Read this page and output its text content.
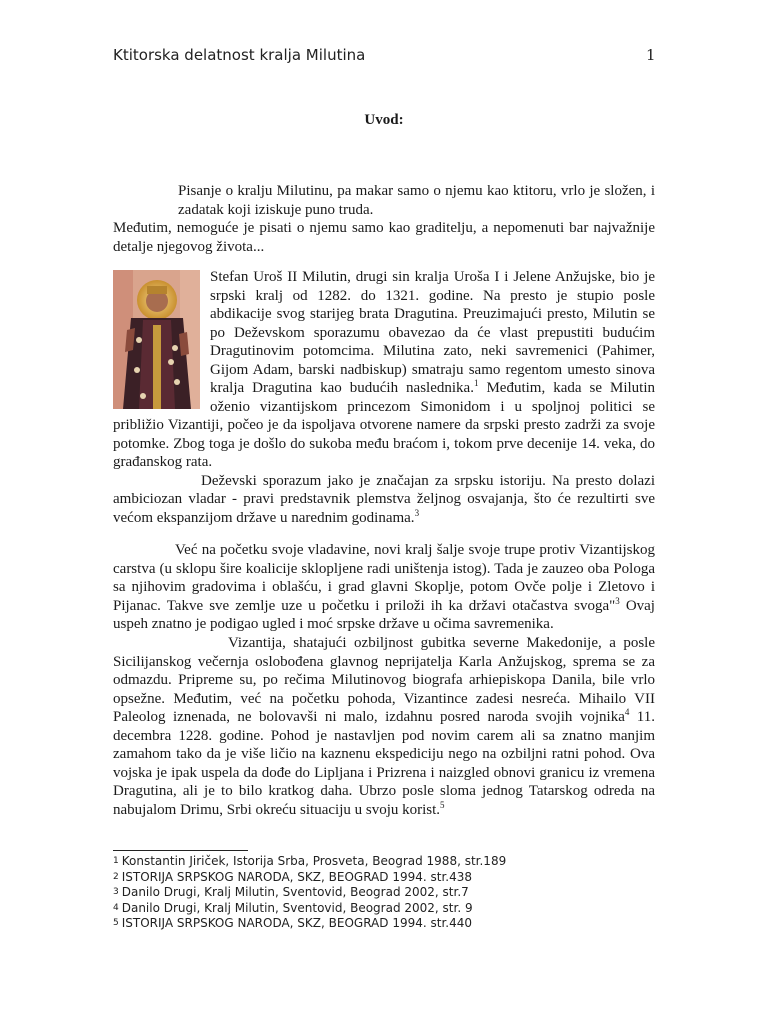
Ktitorska delatnost kralja Milutina	1
Uvod:
Pisanje o kralju Milutinu, pa makar samo o njemu kao ktitoru, vrlo je složen, i zadatak koji iziskuje puno truda.
Međutim, nemoguće je pisati o njemu samo kao graditelju, a nepomenuti bar najvažnije detalje njegovog života...
Stefan Uroš II Milutin, drugi sin kralja Uroša I i Jelene Anžujske, bio je srpski kralj od 1282. do 1321. godine. Na presto je stupio posle abdikacije svog starijeg brata Dragutina. Preuzimajući presto, Milutin se po Deževskom sporazumu obavezao da će vlast prepustiti budućim Dragutinovim potomcima. Milutina zato, neki savremenici (Pahimer, Gijom Adam, barski nadbiskup) smatraju samo regentom umesto sinova kralja Dragutina kao budućih naslednika.$^1$ Međutim, kada se Milutin oženio vizantijskom princezom Simonidom i u spoljnoj politici se približio Vizantiji, počeo je da ispoljava otvorene namere da srpski presto zadrži za svoje potomke. Zbog toga je došlo do sukoba među braćom i, tokom prve decenije 14. veka, do građanskog rata.

Deževski sporazum jako je značajan za srpsku istoriju. Na presto dolazi ambiciozan vladar - pravi predstavnik plemstva željnog osvajanja, što će rezultirti sve većom ekspanzijom države u narednim godinama.$^3$

Već na početku svoje vladavine, novi kralj šalje svoje trupe protiv Vizantijskog carstva (u sklopu šire koalicije sklopljene radi uništenja istog). Tada je zauzeo oba Pologa sa njihovim gradovima i oblašću, i grad glavni Skoplje, potom Ovče polje i Zletovo i Pijanac. Takve sve zemlje uze u početku i priloži ih ka državi otačastva svoga"$^3$ Ovaj uspeh znatno je podigao ugled i moć srpske države u očima savremenika.
Vizantija, shatajući ozbiljnost gubitka severne Makedonije, a posle Sicilijanskog večernja oslobođena glavnog neprijatelja Karla Anžujskog, sprema se za odmazdu. Pripreme su, po rečima Milutinovog biografa arhiepiskopa Danila, bile vrlo opsežne. Međutim, već na početku pohoda, Vizantince zadesi nesreća. Mihailo VII Paleolog iznenada, ne bolovavši ni malo, izdahnu posred naroda svojih vojnika$^4$ 11. decembra 1228. godine. Pohod je nastavljen pod novim carem ali sa znatno manjim zamahom tako da je više ličio na kaznenu ekspediciju nego na ozbiljni ratni pohod. Ova vojska je ipak uspela da dođe do Lipljana i Prizrena i naizgled obnovi granicu iz vremena Dragutina, ali je to bilo kratkog daha. Ubrzo posle sloma jednog Tatarskog odreda na nabujalom Drimu, Srbi okreću situaciju u svoju korist.$^5$
1 Konstantin Jiriček, Istorija Srba, Prosveta, Beograd 1988, str.189
2 ISTORIJA SRPSKOG NARODA, SKZ, BEOGRAD 1994. str.438
3 Danilo Drugi, Kralj Milutin, Sventovid, Beograd 2002, str.7
4 Danilo Drugi, Kralj Milutin, Sventovid, Beograd 2002, str. 9
5 ISTORIJA SRPSKOG NARODA, SKZ, BEOGRAD 1994. str.440
